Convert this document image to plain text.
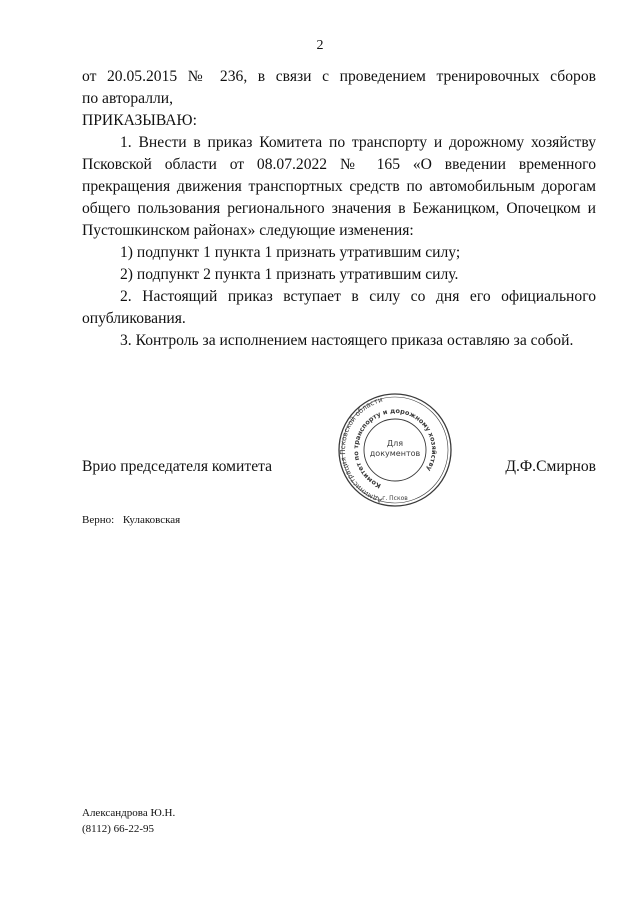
2

от 20.05.2015 № 236, в связи с проведением тренировочных сборов

по авторалли,

ПРИКАЗЫВАЮ:

1. Внести в приказ Комитета по транспорту и дорожному хозяйству Псковской области от 08.07.2022 № 165 «О введении временного прекращения движения транспортных средств по автомобильным дорогам общего пользования регионального значения в Бежаницком, Опочецком и Пустошкинском районах» следующие изменения:

1) подпункт 1 пункта 1 признать утратившим силу;

2) подпункт 2 пункта 1 признать утратившим силу.

2. Настоящий приказ вступает в силу со дня его официального опубликования.

3. Контроль за исполнением настоящего приказа оставляю за собой.

Администрация Псковской области
Комитет по транспорту и дорожному хозяйству
Для
документов
г. Псков
Врио председателя комитета	Д.Ф.Смирнов
Верно: Кулаковская
Александрова Ю.Н.
(8112) 66-22-95
